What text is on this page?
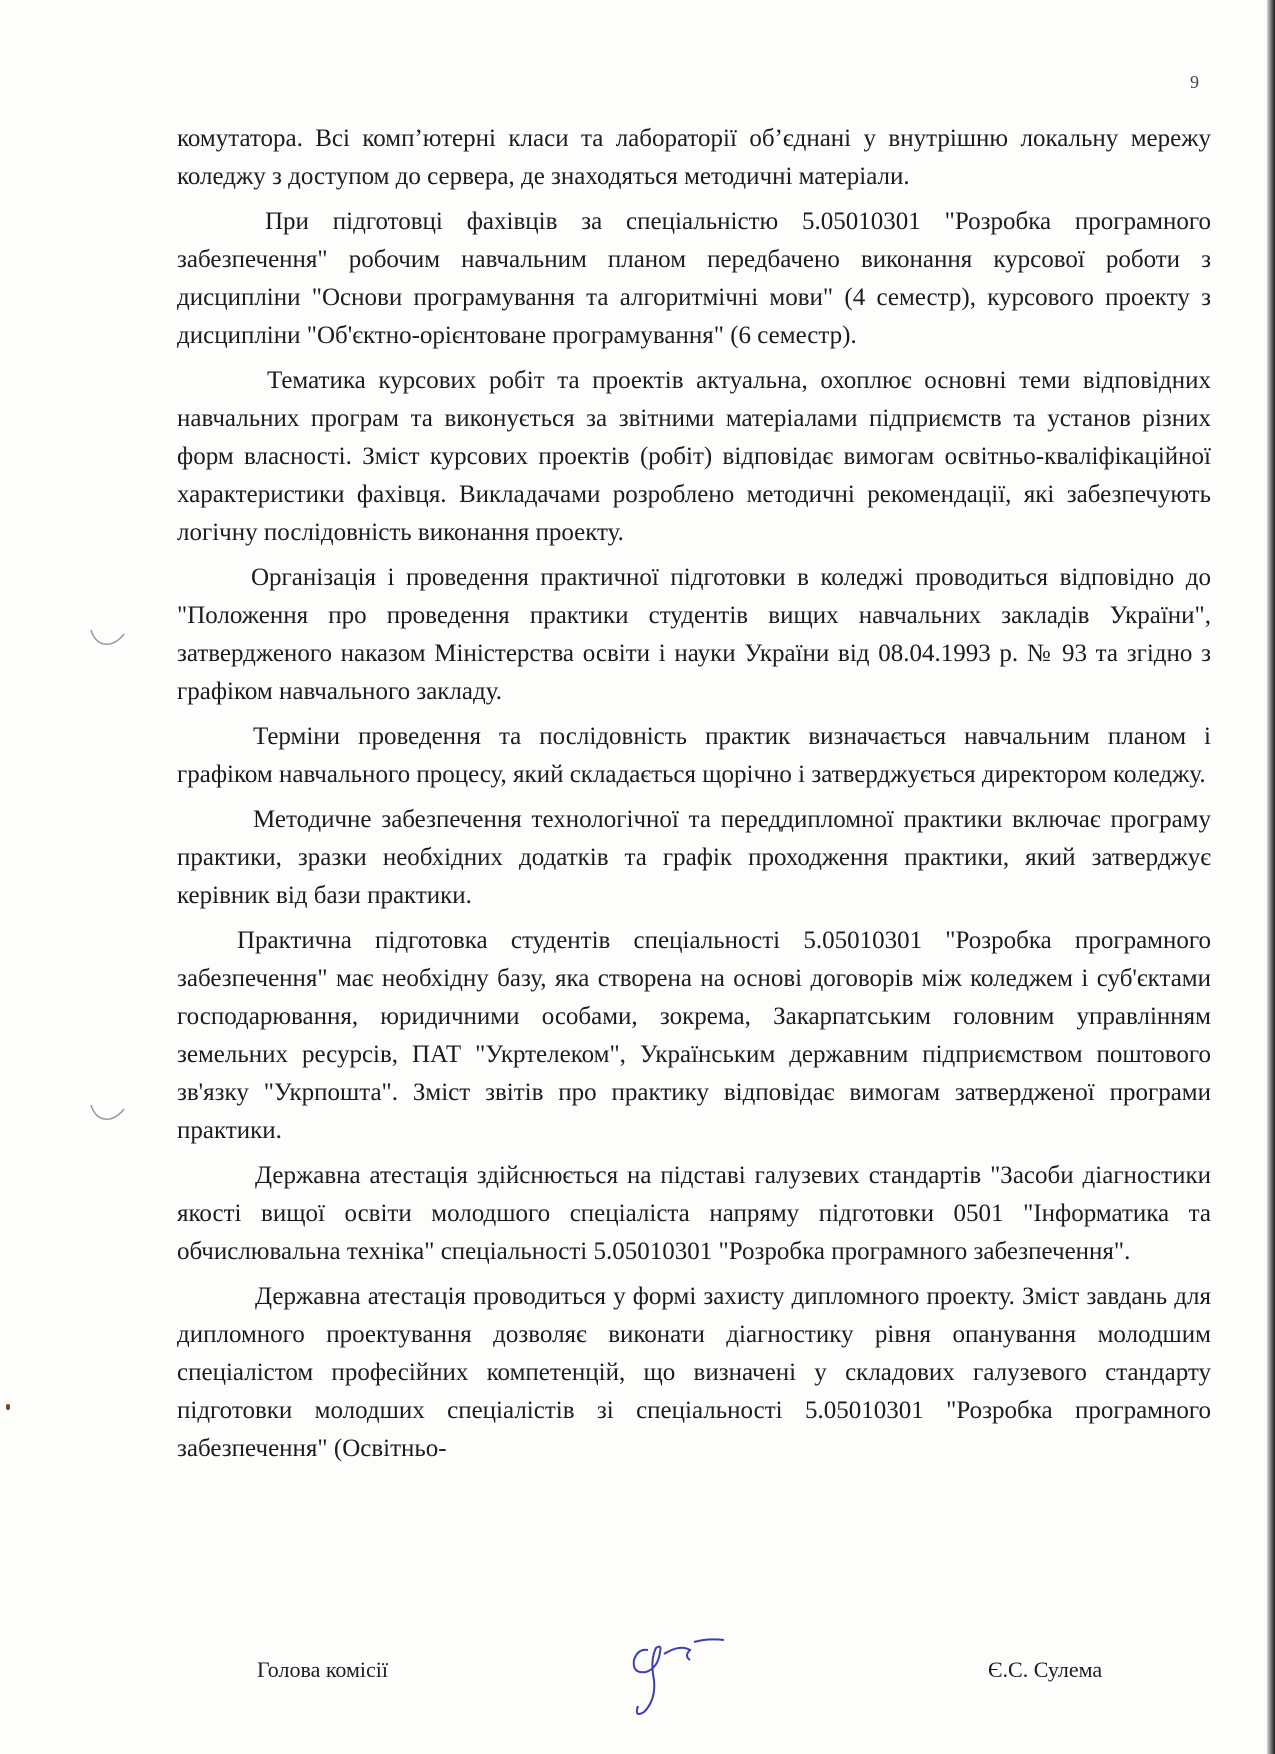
9

комутатора. Всі комп’ютерні класи та лабораторії об’єднані у внутрішню локальну мережу коледжу з доступом до сервера, де знаходяться методичні матеріали.

При підготовці фахівців за спеціальністю 5.05010301 "Розробка програмного забезпечення" робочим навчальним планом передбачено виконання курсової роботи з дисципліни "Основи програмування та алгоритмічні мови" (4 семестр), курсового проекту з дисципліни "Об'єктно-орієнтоване програмування" (6 семестр).

Тематика курсових робіт та проектів актуальна, охоплює основні теми відповідних навчальних програм та виконується за звітними матеріалами підприємств та установ різних форм власності. Зміст курсових проектів (робіт) відповідає вимогам освітньо-кваліфікаційної характеристики фахівця. Викладачами розроблено методичні рекомендації, які забезпечують логічну послідовність виконання проекту.

Організація і проведення практичної підготовки в коледжі проводиться відповідно до "Положення про проведення практики студентів вищих навчальних закладів України", затвердженого наказом Міністерства освіти і науки України від 08.04.1993 р. № 93 та згідно з графіком навчального закладу.

Терміни проведення та послідовність практик визначається навчальним планом і графіком навчального процесу, який складається щорічно і затверджується директором коледжу.

Методичне забезпечення технологічної та переддипломної практики включає програму практики, зразки необхідних додатків та графік проходження практики, який затверджує керівник від бази практики.

Практична підготовка студентів спеціальності 5.05010301 "Розробка програмного забезпечення" має необхідну базу, яка створена на основі договорів між коледжем і суб'єктами господарювання, юридичними особами, зокрема, Закарпатським головним управлінням земельних ресурсів, ПАТ "Укртелеком", Українським державним підприємством поштового зв'язку "Укрпошта". Зміст звітів про практику відповідає вимогам затвердженої програми практики.

Державна атестація здійснюється на підставі галузевих стандартів "Засоби діагностики якості вищої освіти молодшого спеціаліста напряму підготовки 0501 "Інформатика та обчислювальна техніка" спеціальності 5.05010301 "Розробка програмного забезпечення".

Державна атестація проводиться у формі захисту дипломного проекту. Зміст завдань для дипломного проектування дозволяє виконати діагностику рівня опанування молодшим спеціалістом професійних компетенцій, що визначені у складових галузевого стандарту підготовки молодших спеціалістів зі спеціальності 5.05010301 "Розробка програмного забезпечення" (Освітньо-

Голова комісії	Є.С. Сулема
